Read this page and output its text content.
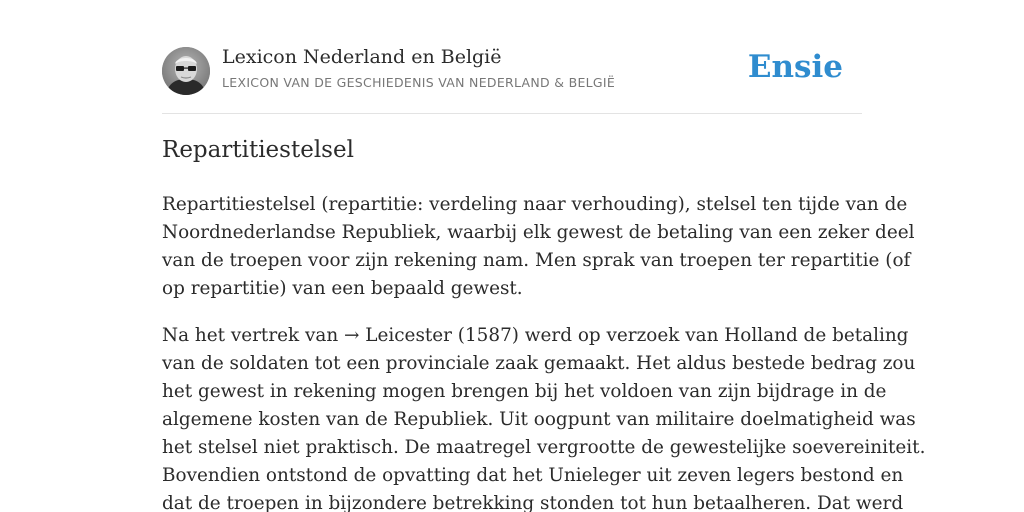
Lexicon Nederland en België
LEXICON VAN DE GESCHIEDENIS VAN NEDERLAND & BELGIË	Ensie
Repartitiestelsel
Repartitiestelsel (repartitie: verdeling naar verhouding), stelsel ten tijde van de
Noordnederlandse Republiek, waarbij elk gewest de betaling van een zeker deel
van de troepen voor zijn rekening nam. Men sprak van troepen ter repartitie (of
op repartitie) van een bepaald gewest.
Na het vertrek van → Leicester (1587) werd op verzoek van Holland de betaling
van de soldaten tot een provinciale zaak gemaakt. Het aldus bestede bedrag zou
het gewest in rekening mogen brengen bij het voldoen van zijn bijdrage in de
algemene kosten van de Republiek. Uit oogpunt van militaire doelmatigheid was
het stelsel niet praktisch. De maatregel vergrootte de gewestelijke soevereiniteit.
Bovendien ontstond de opvatting dat het Unieleger uit zeven legers bestond en
dat de troepen in bijzondere betrekking stonden tot hun betaalheren. Dat werd
